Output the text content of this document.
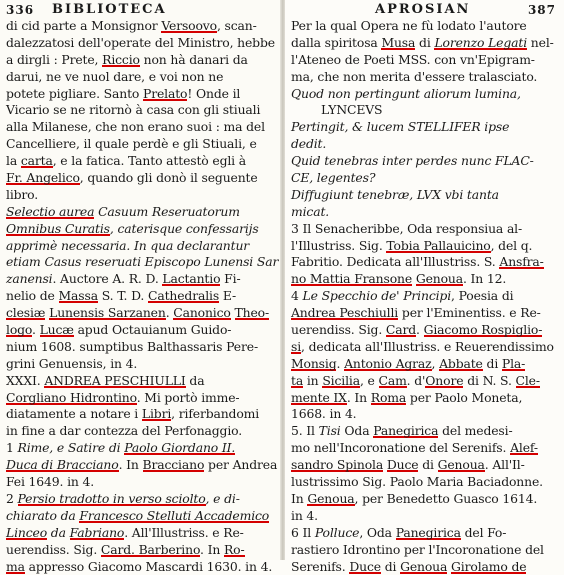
336 BIBLIOTECA
di cid parte a Monsignor Versoovo, scan-
dalezzatosi dell'operate del Ministro, hebbe
a dirgli : Prete, Riccio non hà danari da
darui, ne ve nuol dare, e voi non ne
potete pigliare. Santo Prelato! Onde il
Vicario se ne ritornò à casa con gli stiuali
alla Milanese, che non erano suoi : ma del
Cancelliere, il quale perdè e gli Stiuali, e
la carta, e la fatica. Tanto attestò egli à
Fr. Angelico, quando gli donò il seguente
libro.
Selectio aurea Casuum Reseruatorum
Omnibus Curatis, caterisque confessarijs
apprimè necessaria. In qua declarantur
etiam Casus reseruati Episcopo Lunensi Sar
zanensi. Auctore A. R. D. Lactantio Fi-
nelio de Massa S. T. D. Cathedralis E-
clesiæ Lunensis Sarzanen. Canonico Theo-
logo. Lucæ apud Octauianum Guido-
nium 1608. sumptibus Balthassaris Pere-
grini Genuensis, in 4.
XXXI. ANDREA PESCHIULLI da
Corgliano Hidrontino. Mi portò imme-
diatamente a notare i Libri, riferbandomi
in fine a dar contezza del Perfonaggio.
1 Rime, e Satire di Paolo Giordano II.
Duca di Bracciano. In Bracciano per Andrea
Fei 1649. in 4.
2 Persio tradotto in verso sciolto, e di-
chiarato da Francesco Stelluti Accademico
Linceo da Fabriano. All'Illustriss. e Re-
uerendiss. Sig. Card. Barberino. In Ro-
ma appresso Giacomo Mascardi 1630. in 4.
APROSIAN	387
Per la qual Opera ne fù lodato l'autore
dalla spiritosa Musa di Lorenzo Legati nel-
l'Ateneo de Poeti MSS. con vn'Epigram-
ma, che non merita d'essere tralasciato.
Quod non pertingunt aliorum lumina,
LYNCEVS
Pertingit, & lucem STELLIFER ipse
dedit.
Quid tenebras inter perdes nunc FLAC-
CE, legentes?
Diffugiunt tenebræ, LVX vbi tanta
micat.
3 Il Senacheribbe, Oda responsiua al-
l'Illustriss. Sig. Tobia Pallauicino, del q.
Fabritio. Dedicata all'Illustriss. S. Ansfra-
no Mattia Fransone Genoua. In 12.
4 Le Specchio de' Principi, Poesia di
Andrea Peschiulli per l'Eminentiss. e Re-
uerendiss. Sig. Card. Giacomo Rospiglio-
si, dedicata all'Illustriss. e Reuerendissimo
Monsig. Antonio Agraz, Abbate di Pla-
ta in Sicilia, e Cam. d'Onore di N. S. Cle-
mente IX. In Roma per Paolo Moneta,
1668. in 4.
5. Il Tisi Oda Panegirica del medesi-
mo nell'Incoronatione del Serenifs. Alef-
sandro Spinola Duce di Genoua. All'Il-
lustrissimo Sig. Paolo Maria Baciadonne.
In Genoua, per Benedetto Guasco 1614.
in 4.
6 Il Polluce, Oda Panegirica del Fo-
rastiero Idrontino per l'Incoronatione del
Serenifs. Duce di Genoua Girolamo de
